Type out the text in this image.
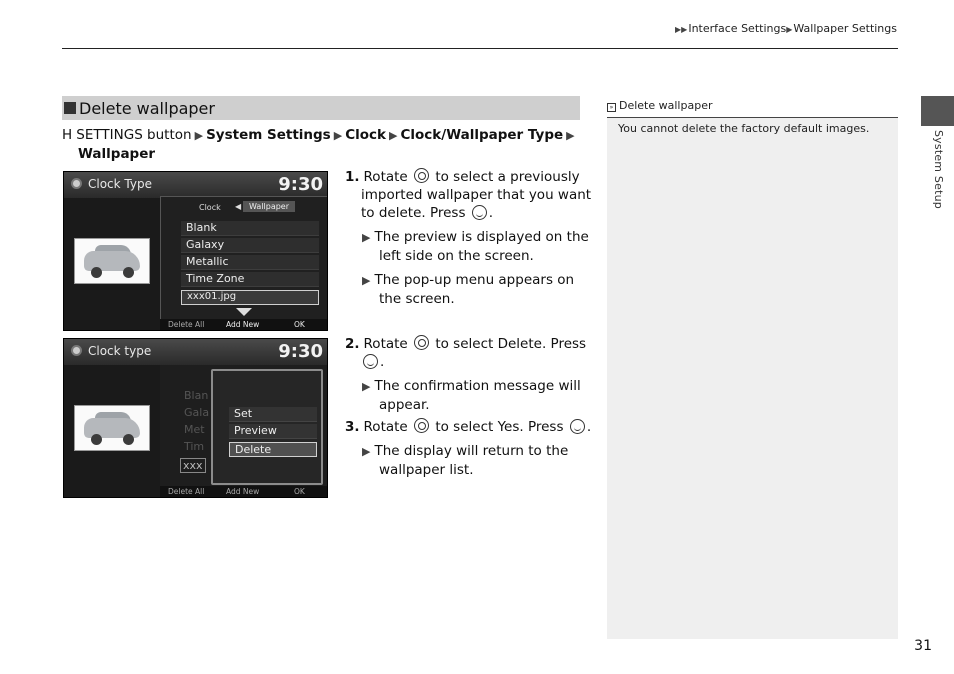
▶▶Interface Settings▶Wallpaper Settings
System Setup
31
Delete wallpaper
H SETTINGS button ▶ System Settings ▶ Clock ▶ Clock/Wallpaper Type ▶
Wallpaper
Clock Type	9:30
Clock ◀ Wallpaper
Blank
Galaxy
Metallic
Time Zone
xxx01.jpg
Delete All	Add New	OK
Clock type	9:30
Blan
Gala
Met
Tim
xxx
Set
Preview
Delete
Delete All	Add New	OK
1. Rotate to select a previously
imported wallpaper that you want
to delete. Press .
▶ The preview is displayed on the
left side on the screen.
▶ The pop-up menu appears on
the screen.
2. Rotate to select Delete. Press
.
▶ The confirmation message will
appear.
3. Rotate to select Yes. Press .
▶ The display will return to the
wallpaper list.
» Delete wallpaper
You cannot delete the factory default images.
